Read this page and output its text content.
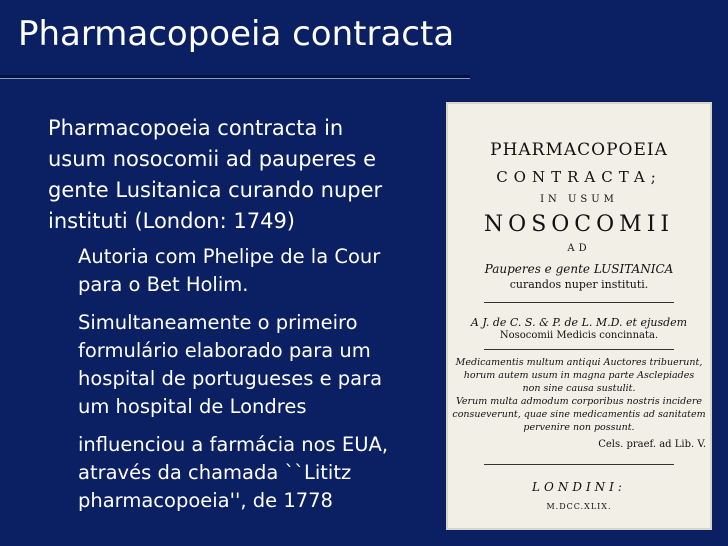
Pharmacopoeia contracta
Pharmacopoeia contracta in
usum nosocomii ad pauperes e
gente Lusitanica curando nuper
instituti (London: 1749)
Autoria com Phelipe de la Cour
para o Bet Holim.
Simultaneamente o primeiro
formulário elaborado para um
hospital de portugueses e para
um hospital de Londres
influenciou a farmácia nos EUA,
através da chamada ``Lititz
pharmacopoeia'', de 1778
PHARMACOPOEIA
CONTRACTA;
IN USUM
NOSOCOMII
AD
Pauperes e gente LUSITANICA
curandos nuper instituti.
A J. de C. S. & P. de L. M.D. et ejusdem
Nosocomii Medicis concinnata.
Medicamentis multum antiqui Auctores tribuerunt,
horum autem usum in magna parte Asclepiades
non sine causa sustulit.
Verum multa admodum corporibus nostris incidere
consueverunt, quae sine medicamentis ad sanitatem
pervenire non possunt.
Cels. praef. ad Lib. V.
LONDINI:
M.DCC.XLIX.
